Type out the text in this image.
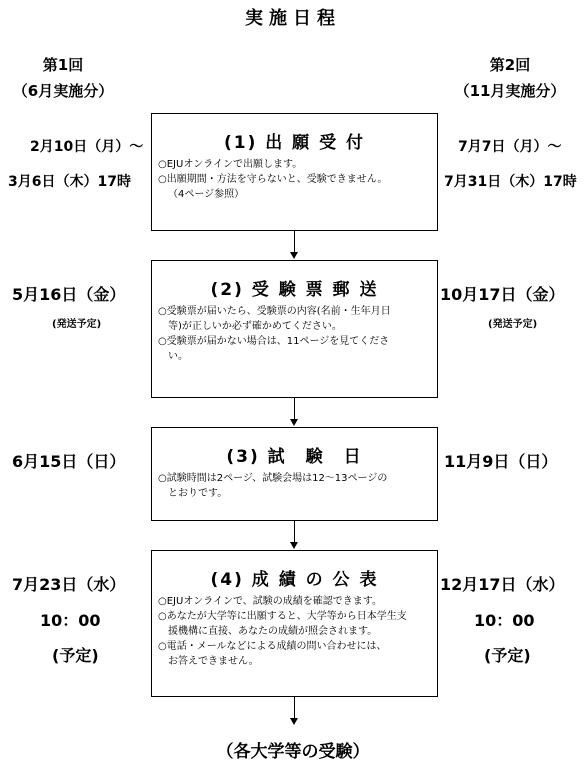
実施日程
第1回
（6月実施分）
第2回
（11月実施分）
2月10日（月）～
3月6日（木）17時
(1) 出 願 受 付

○EJUオンラインで出願します。

○出願期間・方法を守らないと、受験できません。

（4ページ参照）

7月7日（月）～
7月31日（木）17時
5月16日（金）
(発送予定)
(2) 受 験 票 郵 送

○受験票が届いたら、受験票の内容(名前・生年月日

等)が正しいか必ず確かめてください。

○受験票が届かない場合は、11ページを見てくださ

い。

10月17日（金）
(発送予定)
6月15日（日）	(3) 試　験　日

○試験時間は2ページ、試験会場は12～13ページの

とおりです。

11月9日（日）
7月23日（水）
10：00
(予定)
(4) 成 績 の 公 表

○EJUオンラインで、試験の成績を確認できます。

○あなたが大学等に出願すると、大学等から日本学生支

援機構に直接、あなたの成績が照会されます。

○電話・メールなどによる成績の問い合わせには、

お答えできません。

12月17日（水）
10：00
(予定)
（各大学等の受験）
